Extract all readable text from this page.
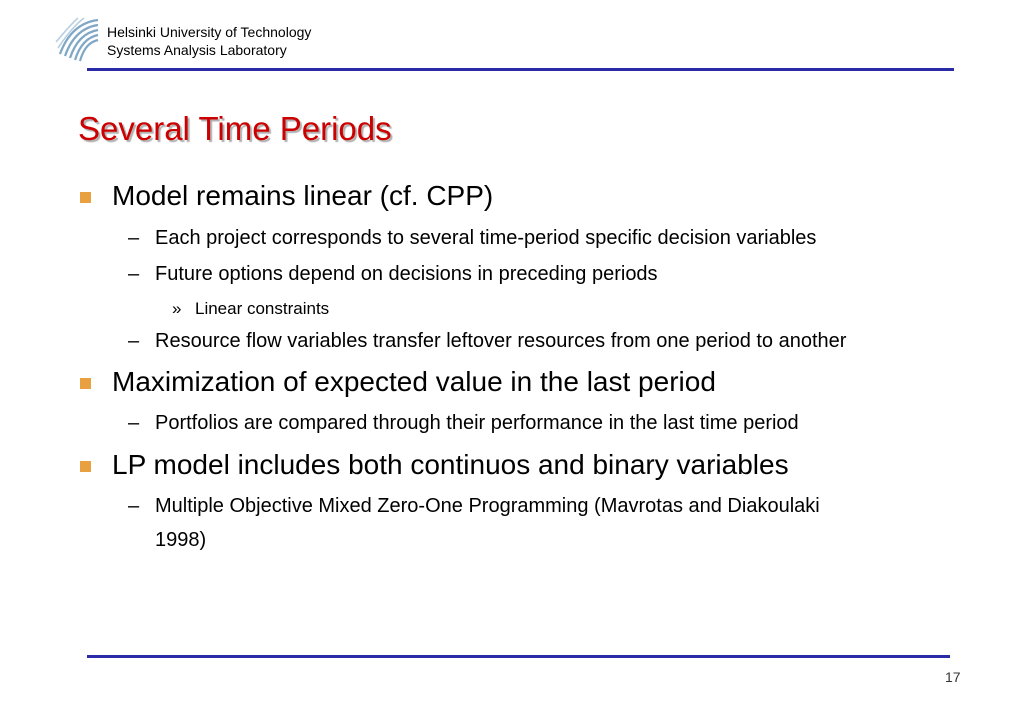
Helsinki University of Technology
Systems Analysis Laboratory
Several Time Periods
Model remains linear (cf. CPP)
– Each project corresponds to several time-period specific decision variables
– Future options depend on decisions in preceding periods
» Linear constraints
– Resource flow variables transfer leftover resources from one period to another
Maximization of expected value in the last period
– Portfolios are compared through their performance in the last time period
LP model includes both continuos and binary variables
– Multiple Objective Mixed Zero-One Programming (Mavrotas and Diakoulaki
1998)
17
